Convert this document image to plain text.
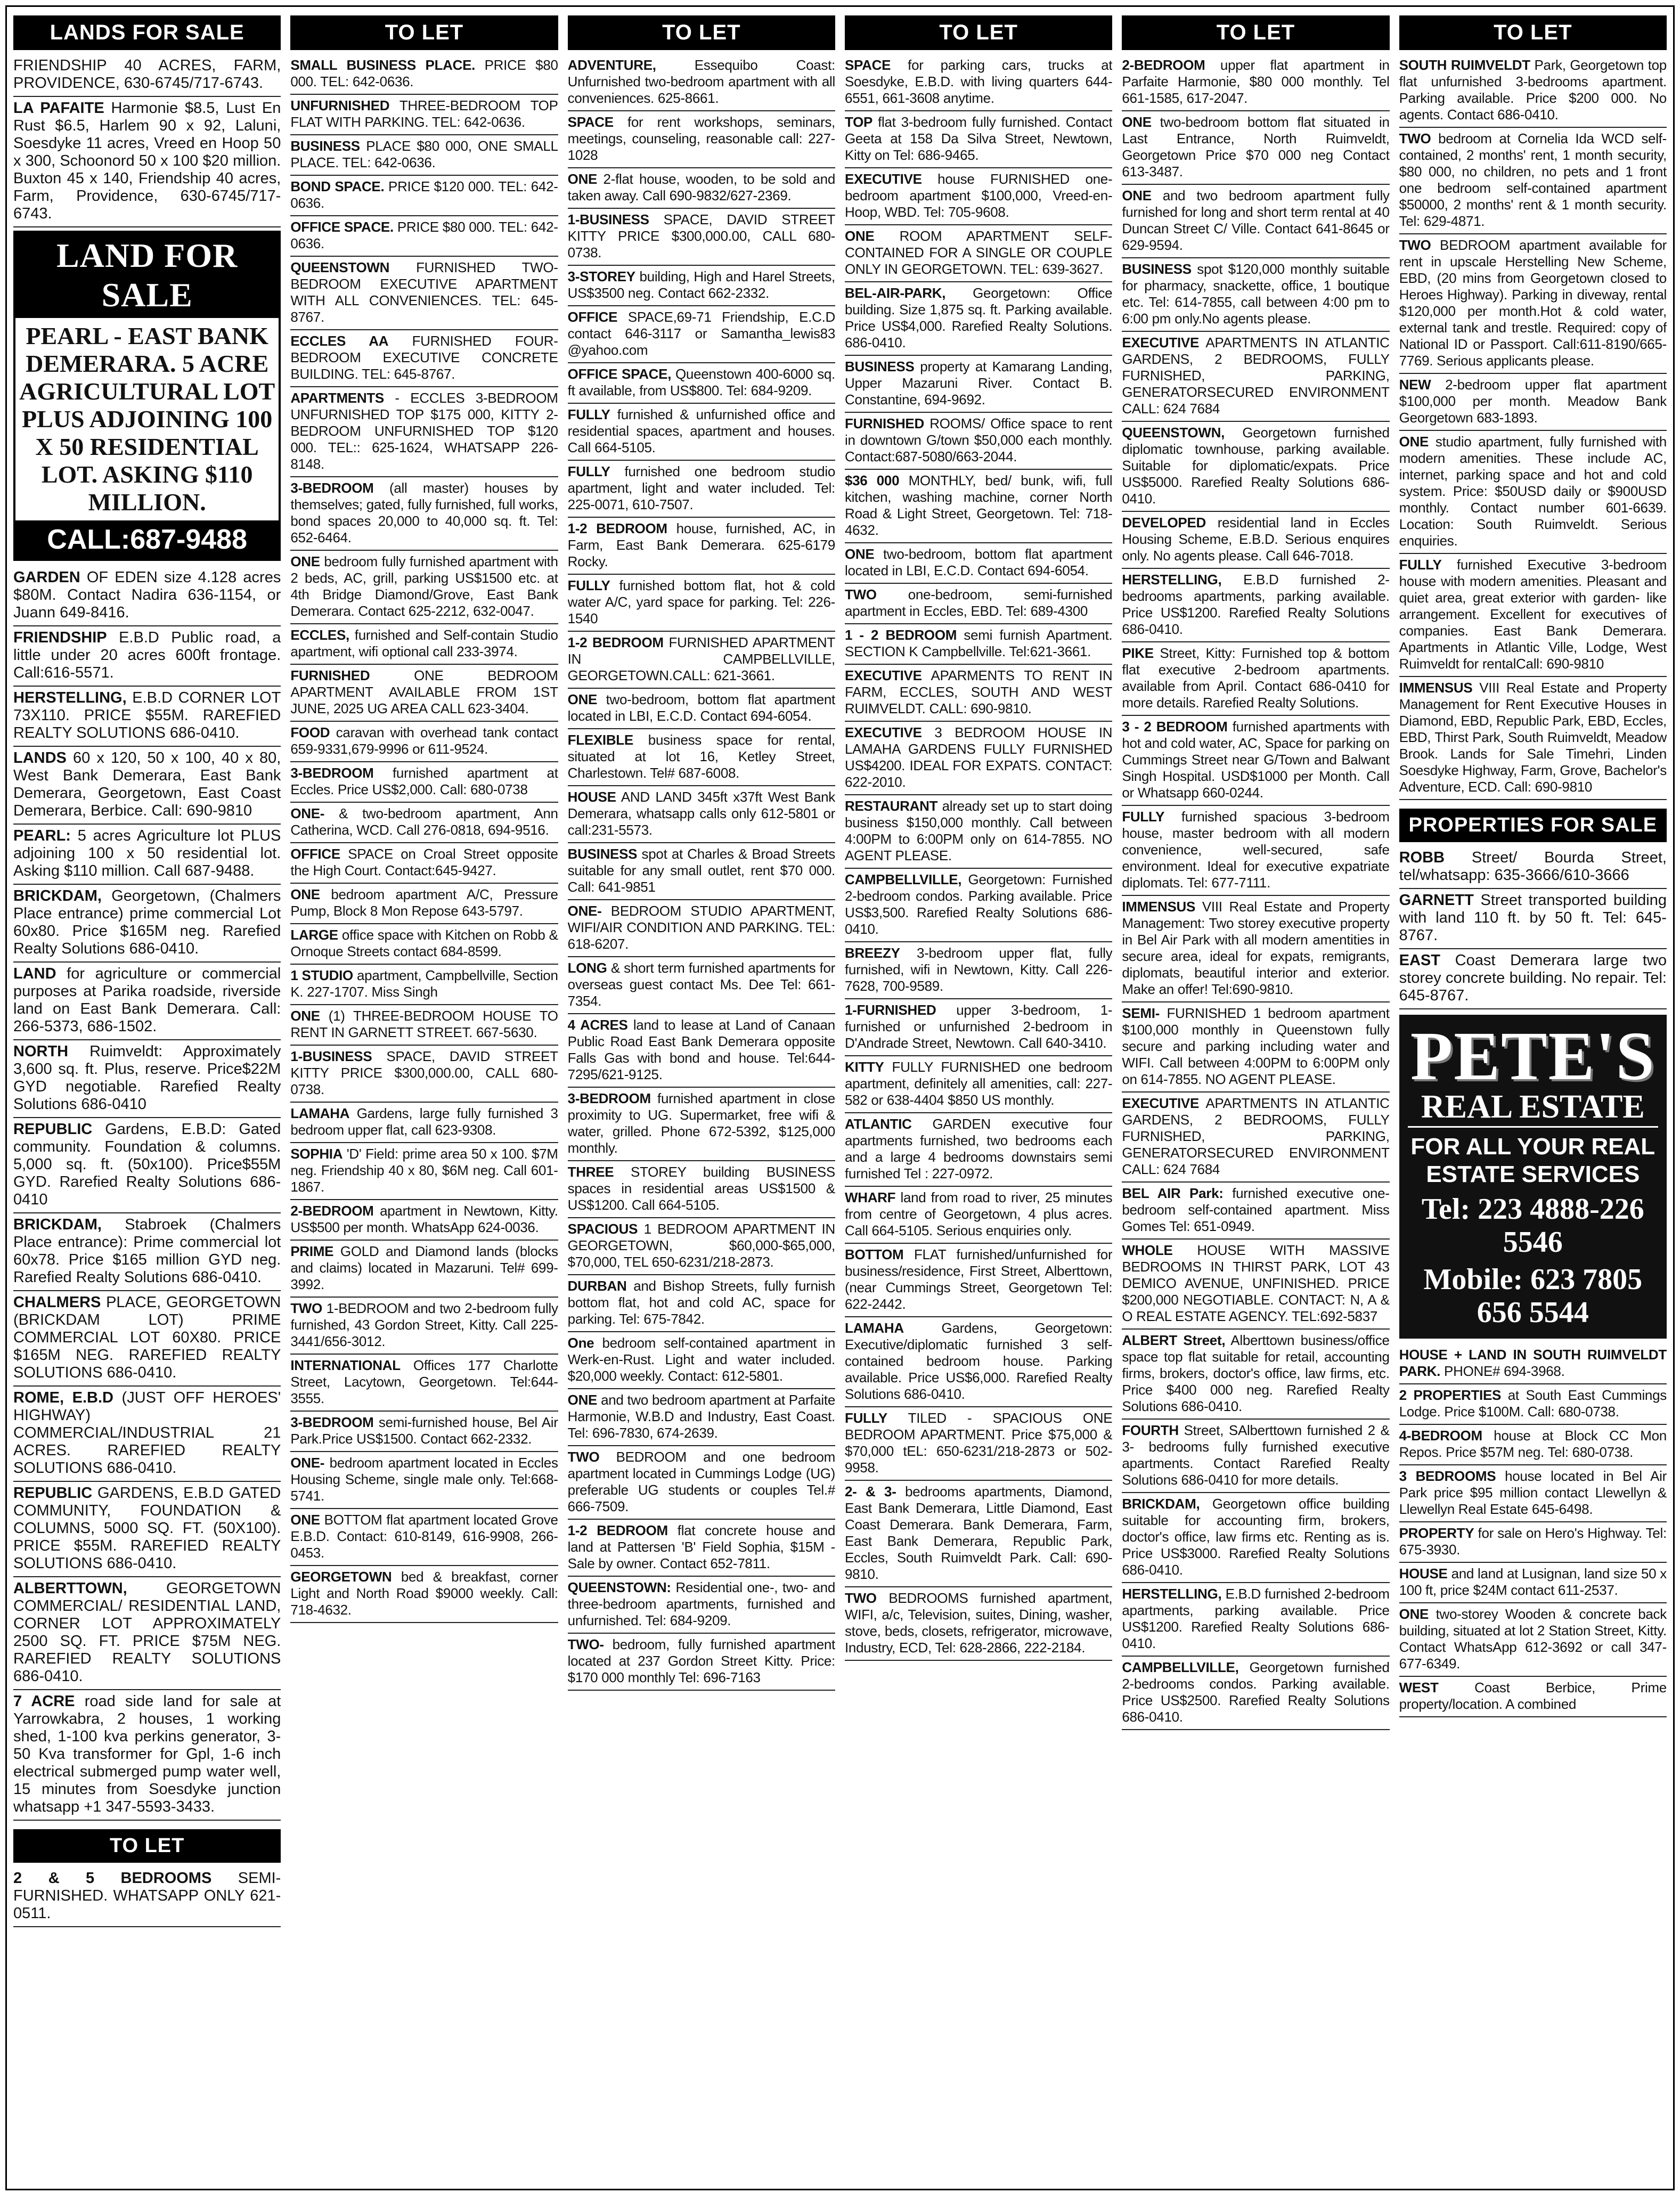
LANDS FOR SALE
FRIENDSHIP 40 ACRES, FARM, PROVIDENCE, 630-6745/717-6743.
LA PAFAITE Harmonie $8.5, Lust En Rust $6.5, Harlem 90 x 92, Laluni, Soesdyke 11 acres, Vreed en Hoop 50 x 300, Schoonord 50 x 100 $20 million. Buxton 45 x 140, Friendship 40 acres, Farm, Providence, 630-6745/717-6743.
LAND FOR SALE
PEARL - EAST BANK DEMERARA. 5 ACRE AGRICULTURAL LOT PLUS ADJOINING 100 X 50 RESIDENTIAL LOT. ASKING $110 MILLION.
CALL:687-9488
GARDEN OF EDEN size 4.128 acres $80M. Contact Nadira 636-1154, or Juann 649-8416.
FRIENDSHIP E.B.D Public road, a little under 20 acres 600ft frontage. Call:616-5571.
HERSTELLING, E.B.D CORNER LOT 73X110. PRICE $55M. RAREFIED REALTY SOLUTIONS 686-0410.
LANDS 60 x 120, 50 x 100, 40 x 80, West Bank Demerara, East Bank Demerara, Georgetown, East Coast Demerara, Berbice. Call: 690-9810
PEARL: 5 acres Agriculture lot PLUS adjoining 100 x 50 residential lot. Asking $110 million. Call 687-9488.
BRICKDAM, Georgetown, (Chalmers Place entrance) prime commercial Lot 60x80. Price $165M neg. Rarefied Realty Solutions 686-0410.
LAND for agriculture or commercial purposes at Parika roadside, riverside land on East Bank Demerara. Call: 266-5373, 686-1502.
NORTH Ruimveldt: Approximately 3,600 sq. ft. Plus, reserve. Price$22M GYD negotiable. Rarefied Realty Solutions 686-0410
REPUBLIC Gardens, E.B.D: Gated community. Foundation & columns. 5,000 sq. ft. (50x100). Price$55M GYD. Rarefied Realty Solutions 686-0410
BRICKDAM, Stabroek (Chalmers Place entrance): Prime commercial lot 60x78. Price $165 million GYD neg. Rarefied Realty Solutions 686-0410.
CHALMERS PLACE, GEORGETOWN (BRICKDAM LOT) PRIME COMMERCIAL LOT 60X80. PRICE $165M NEG. RAREFIED REALTY SOLUTIONS 686-0410.
ROME, E.B.D (JUST OFF HEROES' HIGHWAY) COMMERCIAL/INDUSTRIAL 21 ACRES. RAREFIED REALTY SOLUTIONS 686-0410.
REPUBLIC GARDENS, E.B.D GATED COMMUNITY, FOUNDATION & COLUMNS, 5000 SQ. FT. (50X100). PRICE $55M. RAREFIED REALTY SOLUTIONS 686-0410.
ALBERTTOWN,	GEORGETOWN COMMERCIAL/ RESIDENTIAL LAND, CORNER LOT APPROXIMATELY 2500 SQ. FT. PRICE $75M NEG. RAREFIED REALTY SOLUTIONS 686-0410.
7 ACRE road side land for sale at Yarrowkabra, 2 houses, 1 working shed, 1-100 kva perkins generator, 3-50 Kva transformer for Gpl, 1-6 inch electrical submerged pump water well, 15 minutes from Soesdyke junction whatsapp +1 347-5593-3433.
TO LET
2 & 5 BEDROOMS SEMI-FURNISHED. WHATSAPP ONLY 621-0511.
TO LET
SMALL BUSINESS PLACE. PRICE $80 000. TEL: 642-0636.
UNFURNISHED THREE-BEDROOM TOP FLAT WITH PARKING. TEL: 642-0636.
BUSINESS PLACE $80 000, ONE SMALL PLACE. TEL: 642-0636.
BOND SPACE. PRICE $120 000. TEL: 642-0636.
OFFICE SPACE. PRICE $80 000. TEL: 642-0636.
QUEENSTOWN FURNISHED TWO-BEDROOM EXECUTIVE APARTMENT WITH ALL CONVENIENCES. TEL: 645-8767.
ECCLES AA FURNISHED FOUR-BEDROOM EXECUTIVE CONCRETE BUILDING. TEL: 645-8767.
APARTMENTS - ECCLES 3-BEDROOM UNFURNISHED TOP $175 000, KITTY 2-BEDROOM UNFURNISHED TOP $120 000. TEL:: 625-1624, WHATSAPP 226-8148.
3-BEDROOM (all master) houses by themselves; gated, fully furnished, full works, bond spaces 20,000 to 40,000 sq. ft. Tel: 652-6464.
ONE bedroom fully furnished apartment with 2 beds, AC, grill, parking US$1500 etc. at 4th Bridge Diamond/Grove, East Bank Demerara. Contact 625-2212, 632-0047.
ECCLES, furnished and Self-contain Studio apartment, wifi optional call 233-3974.
FURNISHED	ONE BEDROOM APARTMENT AVAILABLE FROM 1ST JUNE, 2025 UG AREA CALL 623-3404.
FOOD caravan with overhead tank contact 659-9331,679-9996 or 611-9524.
3-BEDROOM furnished apartment at Eccles. Price US$2,000. Call: 680-0738
ONE- & two-bedroom apartment, Ann Catherina, WCD. Call 276-0818, 694-9516.
OFFICE SPACE on Croal Street opposite the High Court. Contact:645-9427.
ONE bedroom apartment A/C, Pressure Pump, Block 8 Mon Repose 643-5797.
LARGE office space with Kitchen on Robb & Ornoque Streets contact 684-8599.
1 STUDIO apartment, Campbellville, Section K. 227-1707. Miss Singh
ONE (1) THREE-BEDROOM HOUSE TO RENT IN GARNETT STREET. 667-5630.
1-BUSINESS SPACE, DAVID STREET KITTY PRICE $300,000.00, CALL 680-0738.
LAMAHA Gardens, large fully furnished 3 bedroom upper flat, call 623-9308.
SOPHIA 'D' Field: prime area 50 x 100. $7M neg. Friendship 40 x 80, $6M neg. Call 601-1867.
2-BEDROOM apartment in Newtown, Kitty. US$500 per month. WhatsApp 624-0036.
PRIME GOLD and Diamond lands (blocks and claims) located in Mazaruni. Tel# 699-3992.
TWO 1-BEDROOM and two 2-bedroom fully furnished, 43 Gordon Street, Kitty. Call 225- 3441/656-3012.
INTERNATIONAL Offices 177 Charlotte Street, Lacytown, Georgetown. Tel:644-3555.
3-BEDROOM semi-furnished house, Bel Air Park.Price US$1500. Contact 662-2332.
ONE- bedroom apartment located in Eccles Housing Scheme, single male only. Tel:668-5741.
ONE BOTTOM flat apartment located Grove E.B.D. Contact: 610-8149, 616-9908, 266-0453.
GEORGETOWN bed & breakfast, corner Light and North Road $9000 weekly. Call: 718-4632.
TO LET
ADVENTURE,	Essequibo Coast: Unfurnished two-bedroom apartment with all conveniences. 625-8661.
SPACE for rent workshops, seminars, meetings, counseling, reasonable call: 227-1028
ONE 2-flat house, wooden, to be sold and taken away. Call 690-9832/627-2369.
1-BUSINESS SPACE, DAVID STREET KITTY PRICE $300,000.00, CALL 680-0738.
3-STOREY building, High and Harel Streets, US$3500 neg. Contact 662-2332.
OFFICE SPACE,69-71 Friendship, E.C.D contact 646-3117 or Samantha_lewis83 @yahoo.com
OFFICE SPACE, Queenstown 400-6000 sq. ft available, from US$800. Tel: 684-9209.
FULLY furnished & unfurnished office and residential spaces, apartment and houses. Call 664-5105.
FULLY furnished one bedroom studio apartment, light and water included. Tel: 225-0071, 610-7507.
1-2 BEDROOM house, furnished, AC, in Farm, East Bank Demerara. 625-6179 Rocky.
FULLY furnished bottom flat, hot & cold water A/C, yard space for parking. Tel: 226-1540
1-2 BEDROOM FURNISHED APARTMENT IN CAMPBELLVILLE, GEORGETOWN.CALL: 621-3661.
ONE two-bedroom, bottom flat apartment located in LBI, E.C.D. Contact 694-6054.
FLEXIBLE business space for rental, situated at lot 16, Ketley Street, Charlestown. Tel# 687-6008.
HOUSE AND LAND 345ft x37ft West Bank Demerara, whatsapp calls only 612-5801 or call:231-5573.
BUSINESS spot at Charles & Broad Streets suitable for any small outlet, rent $70 000. Call: 641-9851
ONE- BEDROOM STUDIO APARTMENT, WIFI/AIR CONDITION AND PARKING. TEL: 618-6207.
LONG & short term furnished apartments for overseas guest contact Ms. Dee Tel: 661-7354.
4 ACRES land to lease at Land of Canaan Public Road East Bank Demerara opposite Falls Gas with bond and house. Tel:644-7295/621-9125.
3-BEDROOM furnished apartment in close proximity to UG. Supermarket, free wifi & water, grilled. Phone 672-5392, $125,000 monthly.
THREE STOREY building BUSINESS spaces in residential areas US$1500 & US$1200. Call 664-5105.
SPACIOUS 1 BEDROOM APARTMENT IN GEORGETOWN, $60,000-$65,000, $70,000, TEL 650-6231/218-2873.
DURBAN and Bishop Streets, fully furnish bottom flat, hot and cold AC, space for parking. Tel: 675-7842.
One bedroom self-contained apartment in Werk-en-Rust. Light and water included. $20,000 weekly. Contact: 612-5801.
ONE and two bedroom apartment at Parfaite Harmonie, W.B.D and Industry, East Coast. Tel: 696-7830, 674-2639.
TWO BEDROOM and one bedroom apartment located in Cummings Lodge (UG) preferable UG students or couples Tel.# 666-7509.
1-2 BEDROOM flat concrete house and land at Pattersen 'B' Field Sophia, $15M - Sale by owner. Contact 652-7811.
QUEENSTOWN: Residential one-, two- and three-bedroom apartments, furnished and unfurnished. Tel: 684-9209.
TWO- bedroom, fully furnished apartment located at 237 Gordon Street Kitty. Price: $170 000 monthly Tel: 696-7163
TO LET
SPACE for parking cars, trucks at Soesdyke, E.B.D. with living quarters 644-6551, 661-3608 anytime.
TOP flat 3-bedroom fully furnished. Contact Geeta at 158 Da Silva Street, Newtown, Kitty on Tel: 686-9465.
EXECUTIVE house FURNISHED one-bedroom apartment $100,000, Vreed-en-Hoop, WBD. Tel: 705-9608.
ONE ROOM APARTMENT SELF-CONTAINED FOR A SINGLE OR COUPLE ONLY IN GEORGETOWN. TEL: 639-3627.
BEL-AIR-PARK, Georgetown: Office building. Size 1,875 sq. ft. Parking available. Price US$4,000. Rarefied Realty Solutions. 686-0410.
BUSINESS property at Kamarang Landing, Upper Mazaruni River. Contact B. Constantine, 694-9692.
FURNISHED ROOMS/ Office space to rent in downtown G/town $50,000 each monthly. Contact:687-5080/663-2044.
$36 000 MONTHLY, bed/ bunk, wifi, full kitchen, washing machine, corner North Road & Light Street, Georgetown. Tel: 718-4632.
ONE two-bedroom, bottom flat apartment located in LBI, E.C.D. Contact 694-6054.
TWO one-bedroom, semi-furnished apartment in Eccles, EBD. Tel: 689-4300
1 - 2 BEDROOM semi furnish Apartment. SECTION K Campbellville. Tel:621-3661.
EXECUTIVE APARMENTS TO RENT IN FARM, ECCLES, SOUTH AND WEST RUIMVELDT. CALL: 690-9810.
EXECUTIVE 3 BEDROOM HOUSE IN LAMAHA GARDENS FULLY FURNISHED US$4200. IDEAL FOR EXPATS. CONTACT: 622-2010.
RESTAURANT already set up to start doing business $150,000 monthly. Call between 4:00PM to 6:00PM only on 614-7855. NO AGENT PLEASE.
CAMPBELLVILLE, Georgetown: Furnished 2-bedroom condos. Parking available. Price US$3,500. Rarefied Realty Solutions 686-0410.
BREEZY 3-bedroom upper flat, fully furnished, wifi in Newtown, Kitty. Call 226-7628, 700-9589.
1-FURNISHED upper 3-bedroom, 1-furnished or unfurnished 2-bedroom in D'Andrade Street, Newtown. Call 640-3410.
KITTY FULLY FURNISHED one bedroom apartment, definitely all amenities, call: 227-582 or 638-4404 $850 US monthly.
ATLANTIC GARDEN executive four apartments furnished, two bedrooms each and a large 4 bedrooms downstairs semi furnished Tel : 227-0972.
WHARF land from road to river, 25 minutes from centre of Georgetown, 4 plus acres. Call 664-5105. Serious enquiries only.
BOTTOM FLAT furnished/unfurnished for business/residence, First Street, Alberttown, (near Cummings Street, Georgetown Tel: 622-2442.
LAMAHA	Gardens, Georgetown: Executive/diplomatic furnished 3 self-contained bedroom house. Parking available. Price US$6,000. Rarefied Realty Solutions 686-0410.
FULLY TILED - SPACIOUS ONE BEDROOM APARTMENT. Price $75,000 & $70,000 tEL: 650-6231/218-2873 or 502-9958.
2- & 3- bedrooms apartments, Diamond, East Bank Demerara, Little Diamond, East Coast Demerara. Bank Demerara, Farm, East Bank Demerara, Republic Park, Eccles, South Ruimveldt Park. Call: 690-9810.
TWO BEDROOMS furnished apartment, WIFI, a/c, Television, suites, Dining, washer, stove, beds, closets, refrigerator, microwave, Industry, ECD, Tel: 628-2866, 222-2184.
TO LET
2-BEDROOM upper flat apartment in Parfaite Harmonie, $80 000 monthly. Tel 661-1585, 617-2047.
ONE two-bedroom bottom flat situated in Last Entrance, North Ruimveldt, Georgetown Price $70 000 neg Contact 613-3487.
ONE and two bedroom apartment fully furnished for long and short term rental at 40 Duncan Street C/ Ville. Contact 641-8645 or 629-9594.
BUSINESS spot $120,000 monthly suitable for pharmacy, snackette, office, 1 boutique etc. Tel: 614-7855, call between 4:00 pm to 6:00 pm only.No agents please.
EXECUTIVE APARTMENTS IN ATLANTIC GARDENS, 2 BEDROOMS, FULLY FURNISHED, PARKING, GENERATORSECURED ENVIRONMENT CALL: 624 7684
QUEENSTOWN, Georgetown furnished diplomatic townhouse, parking available. Suitable for diplomatic/expats. Price US$5000. Rarefied Realty Solutions 686-0410.
DEVELOPED residential land in Eccles Housing Scheme, E.B.D. Serious enquires only. No agents please. Call 646-7018.
HERSTELLING, E.B.D furnished 2-bedrooms apartments, parking available. Price US$1200. Rarefied Realty Solutions 686-0410.
PIKE Street, Kitty: Furnished top & bottom flat executive 2-bedroom apartments. available from April. Contact 686-0410 for more details. Rarefied Realty Solutions.
3 - 2 BEDROOM furnished apartments with hot and cold water, AC, Space for parking on Cummings Street near G/Town and Balwant Singh Hospital. USD$1000 per Month. Call or Whatsapp 660-0244.
FULLY furnished spacious 3-bedroom house, master bedroom with all modern convenience, well-secured, safe environment. Ideal for executive expatriate diplomats. Tel: 677-7111.
IMMENSUS VIII Real Estate and Property Management: Two storey executive property in Bel Air Park with all modern amentities in secure area, ideal for expats, remigrants, diplomats, beautiful interior and exterior. Make an offer! Tel:690-9810.
SEMI- FURNISHED 1 bedroom apartment $100,000 monthly in Queenstown fully secure and parking including water and WIFI. Call between 4:00PM to 6:00PM only on 614-7855. NO AGENT PLEASE.
EXECUTIVE APARTMENTS IN ATLANTIC GARDENS, 2 BEDROOMS, FULLY FURNISHED, PARKING, GENERATORSECURED ENVIRONMENT CALL: 624 7684
BEL AIR Park: furnished executive one-bedroom self-contained apartment. Miss Gomes Tel: 651-0949.
WHOLE HOUSE WITH MASSIVE BEDROOMS IN THIRST PARK, LOT 43 DEMICO AVENUE, UNFINISHED. PRICE $200,000 NEGOTIABLE. CONTACT: N, A & O REAL ESTATE AGENCY. TEL:692-5837
ALBERT Street, Alberttown business/office space top flat suitable for retail, accounting firms, brokers, doctor's office, law firms, etc. Price $400 000 neg. Rarefied Realty Solutions 686-0410.
FOURTH Street, SAlberttown furnished 2 & 3- bedrooms fully furnished executive apartments. Contact Rarefied Realty Solutions 686-0410 for more details.
BRICKDAM, Georgetown office building suitable for accounting firm, brokers, doctor's office, law firms etc. Renting as is. Price US$3000. Rarefied Realty Solutions 686-0410.
HERSTELLING, E.B.D furnished 2-bedroom apartments, parking available. Price US$1200. Rarefied Realty Solutions 686-0410.
CAMPBELLVILLE, Georgetown furnished 2-bedrooms condos. Parking available. Price US$2500. Rarefied Realty Solutions 686-0410.
TO LET
SOUTH RUIMVELDT Park, Georgetown top flat unfurnished 3-bedrooms apartment. Parking available. Price $200 000. No agents. Contact 686-0410.
TWO bedroom at Cornelia Ida WCD self-contained, 2 months' rent, 1 month security, $80 000, no children, no pets and 1 front one bedroom self-contained apartment $50000, 2 months' rent & 1 month security. Tel: 629-4871.
TWO BEDROOM apartment available for rent in upscale Herstelling New Scheme, EBD, (20 mins from Georgetown closed to Heroes Highway). Parking in diveway, rental $120,000 per month.Hot & cold water, external tank and trestle. Required: copy of National ID or Passport. Call:611-8190/665-7769. Serious applicants please.
NEW 2-bedroom upper flat apartment $100,000 per month. Meadow Bank Georgetown 683-1893.
ONE studio apartment, fully furnished with modern amenities. These include AC, internet, parking space and hot and cold system. Price: $50USD daily or $900USD monthly. Contact number 601-6639. Location: South Ruimveldt. Serious enquiries.
FULLY furnished Executive 3-bedroom house with modern amenities. Pleasant and quiet area, great exterior with garden- like arrangement. Excellent for executives of companies. East Bank Demerara. Apartments in Atlantic Ville, Lodge, West Ruimveldt for rentalCall: 690-9810
IMMENSUS VIII Real Estate and Property Management for Rent Executive Houses in Diamond, EBD, Republic Park, EBD, Eccles, EBD, Thirst Park, South Ruimveldt, Meadow Brook. Lands for Sale Timehri, Linden Soesdyke Highway, Farm, Grove, Bachelor's Adventure, ECD. Call: 690-9810
PROPERTIES FOR SALE
ROBB Street/ Bourda Street, tel/whatsapp: 635-3666/610-3666
GARNETT Street transported building with land 110 ft. by 50 ft. Tel: 645-8767.
EAST Coast Demerara large two storey concrete building. No repair. Tel: 645-8767.
PETE'S
REAL ESTATE
FOR ALL YOUR REAL ESTATE SERVICES
Tel: 223 4888-226 5546
Mobile: 623 7805 656 5544
HOUSE + LAND IN SOUTH RUIMVELDT PARK. PHONE# 694-3968.
2 PROPERTIES at South East Cummings Lodge. Price $100M. Call: 680-0738.
4-BEDROOM house at Block CC Mon Repos. Price $57M neg. Tel: 680-0738.
3 BEDROOMS house located in Bel Air Park price $95 million contact Llewellyn & Llewellyn Real Estate 645-6498.
PROPERTY for sale on Hero's Highway. Tel: 675-3930.
HOUSE and land at Lusignan, land size 50 x 100 ft, price $24M contact 611-2537.
ONE two-storey Wooden & concrete back building, situated at lot 2 Station Street, Kitty. Contact WhatsApp 612-3692 or call 347-677-6349.
WEST	Coast Berbice, Prime property/location. A combined
